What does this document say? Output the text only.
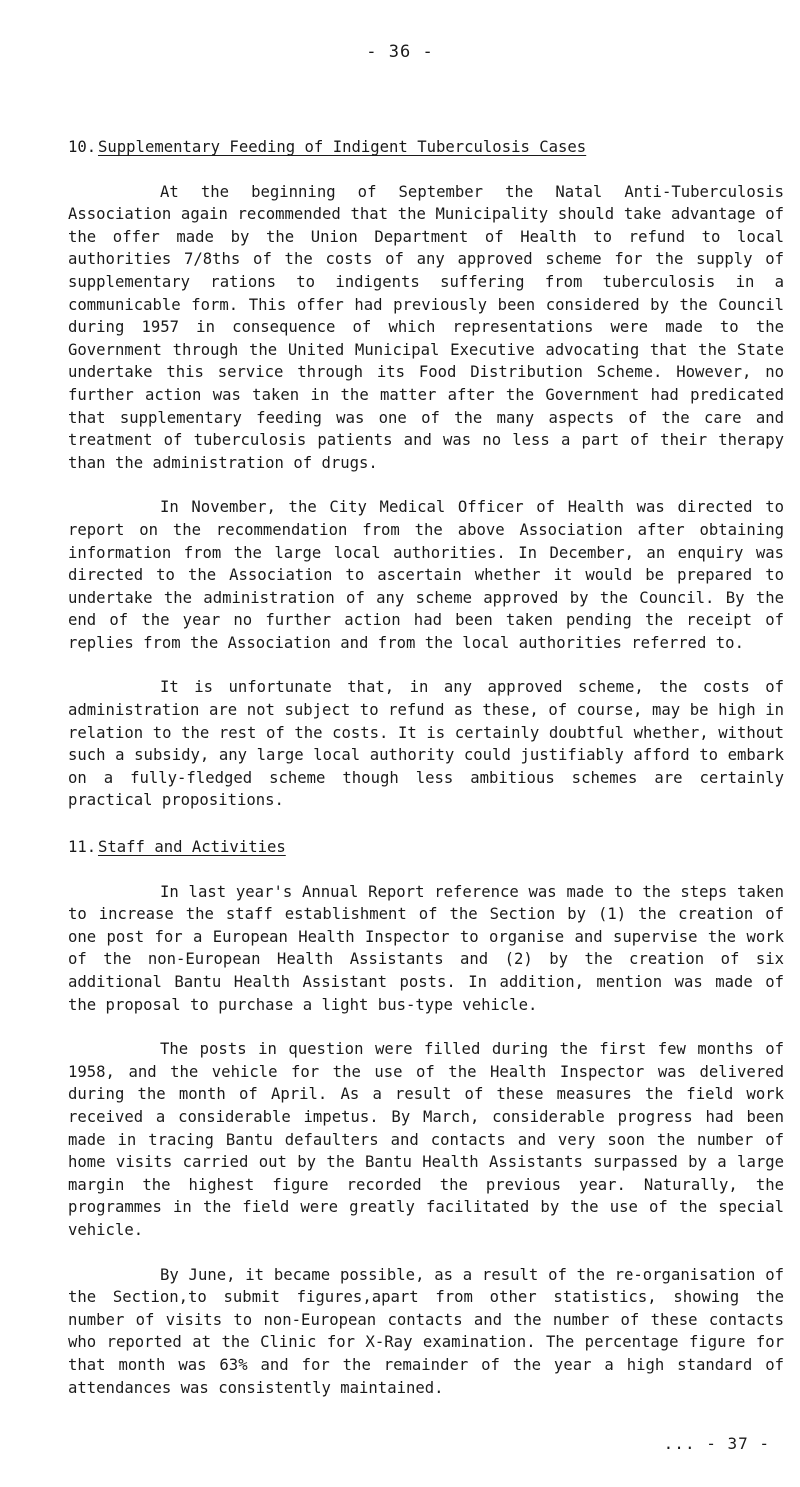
- 36 -
10. Supplementary Feeding of Indigent Tuberculosis Cases

At the beginning of September the Natal Anti-Tuberculosis Association again recommended that the Municipality should take advantage of the offer made by the Union Department of Health to refund to local authorities 7/8ths of the costs of any approved scheme for the supply of supplementary rations to indigents suffering from tuberculosis in a communicable form. This offer had previously been considered by the Council during 1957 in consequence of which representations were made to the Government through the United Municipal Executive advocating that the State undertake this service through its Food Distribution Scheme. However, no further action was taken in the matter after the Government had predicated that supplementary feeding was one of the many aspects of the care and treatment of tuberculosis patients and was no less a part of their therapy than the administration of drugs.

In November, the City Medical Officer of Health was directed to report on the recommendation from the above Association after obtaining information from the large local authorities. In December, an enquiry was directed to the Association to ascertain whether it would be prepared to undertake the administration of any scheme approved by the Council. By the end of the year no further action had been taken pending the receipt of replies from the Association and from the local authorities referred to.

It is unfortunate that, in any approved scheme, the costs of administration are not subject to refund as these, of course, may be high in relation to the rest of the costs. It is certainly doubtful whether, without such a subsidy, any large local authority could justifiably afford to embark on a fully-fledged scheme though less ambitious schemes are certainly practical propositions.

11. Staff and Activities

In last year's Annual Report reference was made to the steps taken to increase the staff establishment of the Section by (1) the creation of one post for a European Health Inspector to organise and supervise the work of the non-European Health Assistants and (2) by the creation of six additional Bantu Health Assistant posts. In addition, mention was made of the proposal to purchase a light bus-type vehicle.

The posts in question were filled during the first few months of 1958, and the vehicle for the use of the Health Inspector was delivered during the month of April. As a result of these measures the field work received a considerable impetus. By March, considerable progress had been made in tracing Bantu defaulters and contacts and very soon the number of home visits carried out by the Bantu Health Assistants surpassed by a large margin the highest figure recorded the previous year. Naturally, the programmes in the field were greatly facilitated by the use of the special vehicle.

By June, it became possible, as a result of the re-organisation of the Section,to submit figures,apart from other statistics, showing the number of visits to non-European contacts and the number of these contacts who reported at the Clinic for X-Ray examination. The percentage figure for that month was 63% and for the remainder of the year a high standard of attendances was consistently maintained.

... - 37 -
